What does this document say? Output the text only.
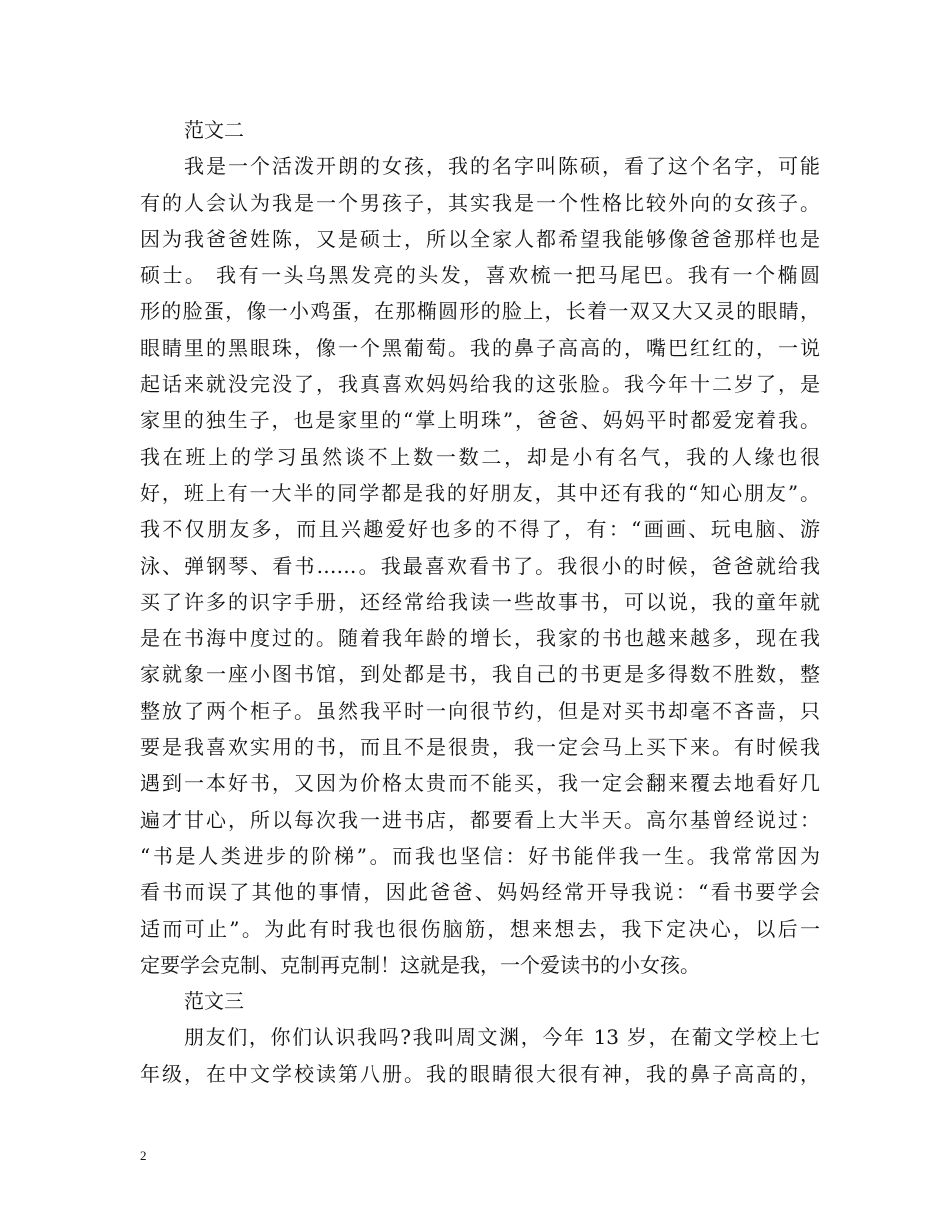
范文二
我是一个活泼开朗的女孩，我的名字叫陈硕，看了这个名字，可能
有的人会认为我是一个男孩子，其实我是一个性格比较外向的女孩子。
因为我爸爸姓陈，又是硕士，所以全家人都希望我能够像爸爸那样也是
硕士。 我有一头乌黑发亮的头发，喜欢梳一把马尾巴。我有一个椭圆
形的脸蛋，像一小鸡蛋，在那椭圆形的脸上，长着一双又大又灵的眼睛，
眼睛里的黑眼珠，像一个黑葡萄。我的鼻子高高的，嘴巴红红的，一说
起话来就没完没了，我真喜欢妈妈给我的这张脸。我今年十二岁了，是
家里的独生子，也是家里的“掌上明珠”，爸爸、妈妈平时都爱宠着我。
我在班上的学习虽然谈不上数一数二，却是小有名气，我的人缘也很
好，班上有一大半的同学都是我的好朋友，其中还有我的“知心朋友”。
我不仅朋友多，而且兴趣爱好也多的不得了，有：“画画、玩电脑、游
泳、弹钢琴、看书……。我最喜欢看书了。我很小的时候，爸爸就给我
买了许多的识字手册，还经常给我读一些故事书，可以说，我的童年就
是在书海中度过的。随着我年龄的增长，我家的书也越来越多，现在我
家就象一座小图书馆，到处都是书，我自己的书更是多得数不胜数，整
整放了两个柜子。虽然我平时一向很节约，但是对买书却毫不吝啬，只
要是我喜欢实用的书，而且不是很贵，我一定会马上买下来。有时候我
遇到一本好书，又因为价格太贵而不能买，我一定会翻来覆去地看好几
遍才甘心，所以每次我一进书店，都要看上大半天。高尔基曾经说过：
“书是人类进步的阶梯”。而我也坚信：好书能伴我一生。我常常因为
看书而误了其他的事情，因此爸爸、妈妈经常开导我说：“看书要学会
适而可止”。为此有时我也很伤脑筋，想来想去，我下定决心，以后一
定要学会克制、克制再克制！这就是我，一个爱读书的小女孩。
范文三
朋友们，你们认识我吗?我叫周文渊，今年 13 岁，在葡文学校上七
年级，在中文学校读第八册。我的眼睛很大很有神，我的鼻子高高的，
2
